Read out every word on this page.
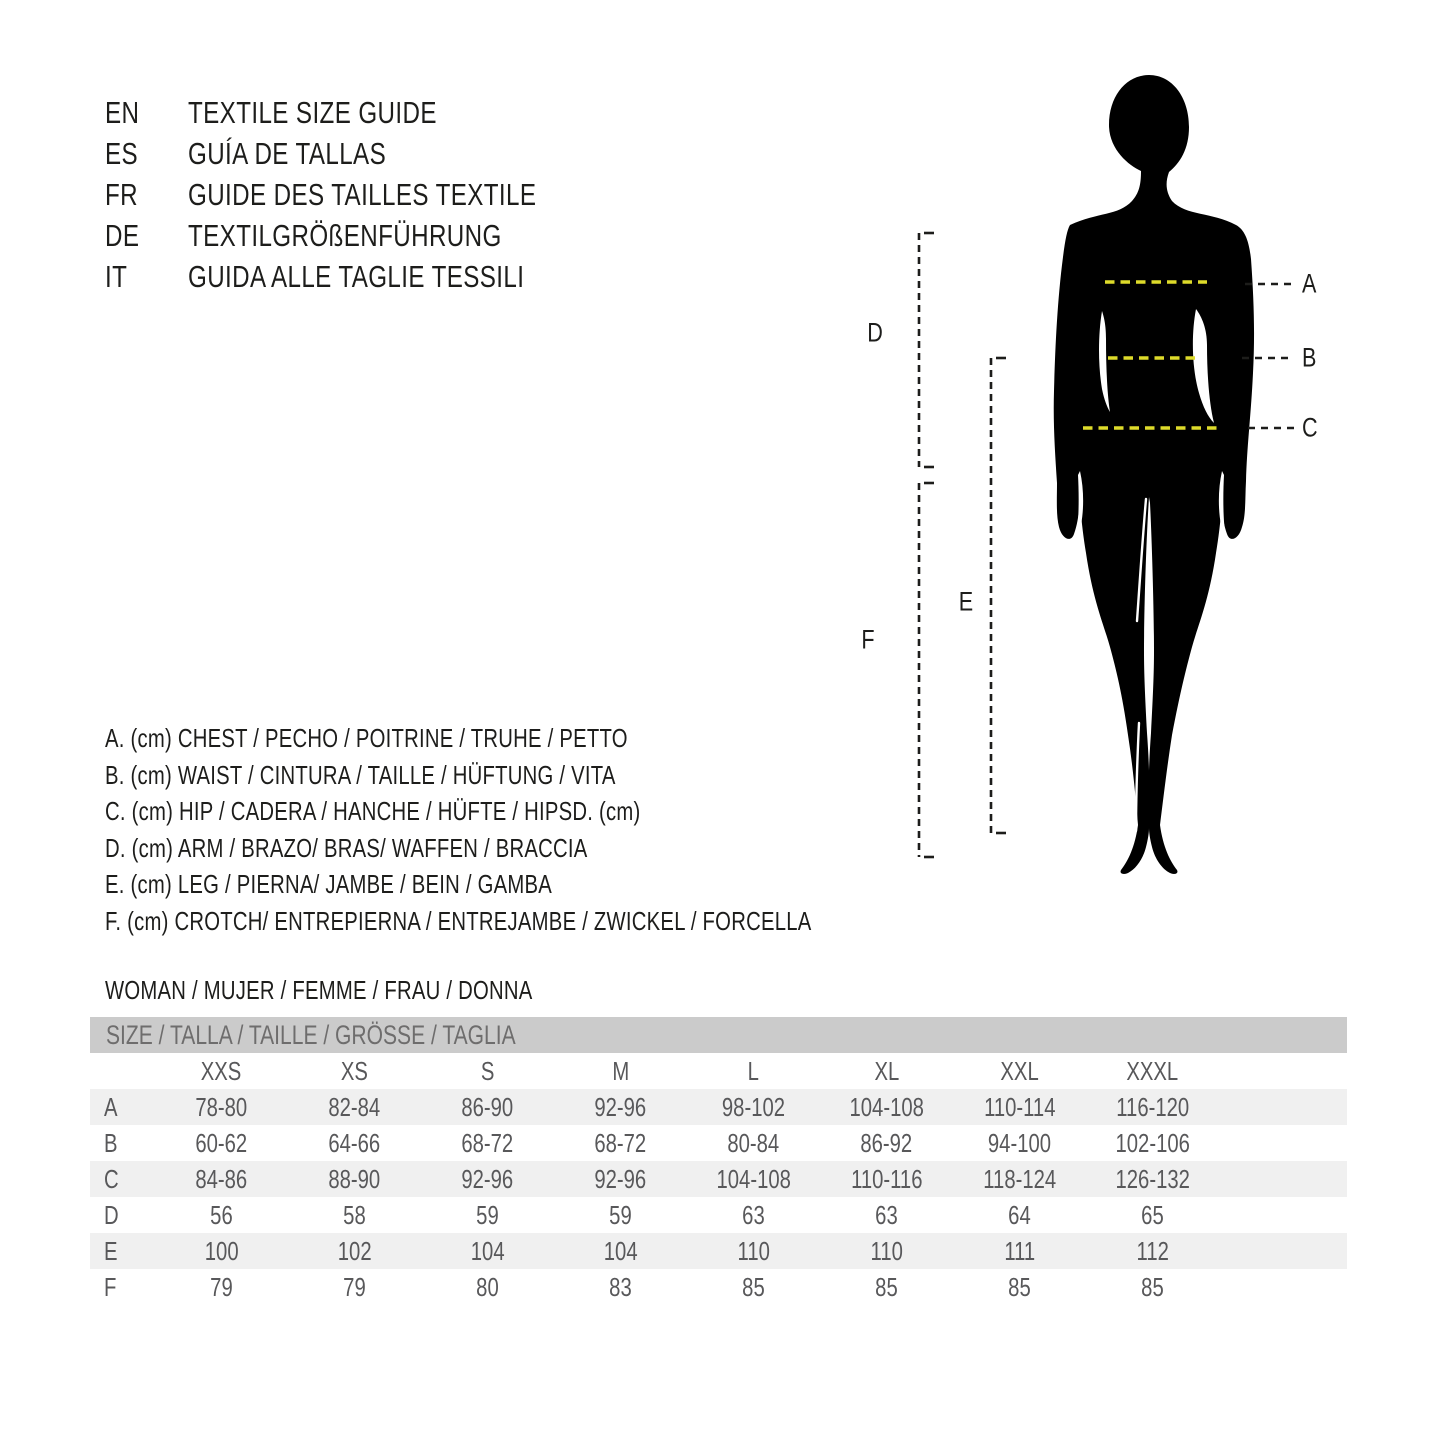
EN TEXTILE SIZE GUIDE
ES GUÍA DE TALLAS
FR GUIDE DES TAILLES TEXTILE
DE TEXTILGRÖßENFÜHRUNG
IT GUIDA ALLE TAGLIE TESSILI
A. (cm) CHEST / PECHO / POITRINE / TRUHE / PETTO
B. (cm) WAIST / CINTURA / TAILLE / HÜFTUNG / VITA
C. (cm) HIP / CADERA / HANCHE / HÜFTE / HIPSD. (cm)
D. (cm) ARM / BRAZO/ BRAS/ WAFFEN / BRACCIA
E. (cm) LEG / PIERNA/ JAMBE / BEIN / GAMBA
F. (cm) CROTCH/ ENTREPIERNA / ENTREJAMBE / ZWICKEL / FORCELLA
WOMAN / MUJER / FEMME / FRAU / DONNA
A
B
C
D
E
F
SIZE / TALLA / TAILLE / GRÖSSE / TAGLIA
XXS	XS	S	M	L	XL	XXL	XXXL
A	78-80	82-84	86-90	92-96	98-102	104-108	110-114	116-120
B	60-62	64-66	68-72	68-72	80-84	86-92	94-100	102-106
C	84-86	88-90	92-96	92-96	104-108	110-116	118-124	126-132
D	56	58	59	59	63	63	64	65
E	100	102	104	104	110	110	111	112
F	79	79	80	83	85	85	85	85
